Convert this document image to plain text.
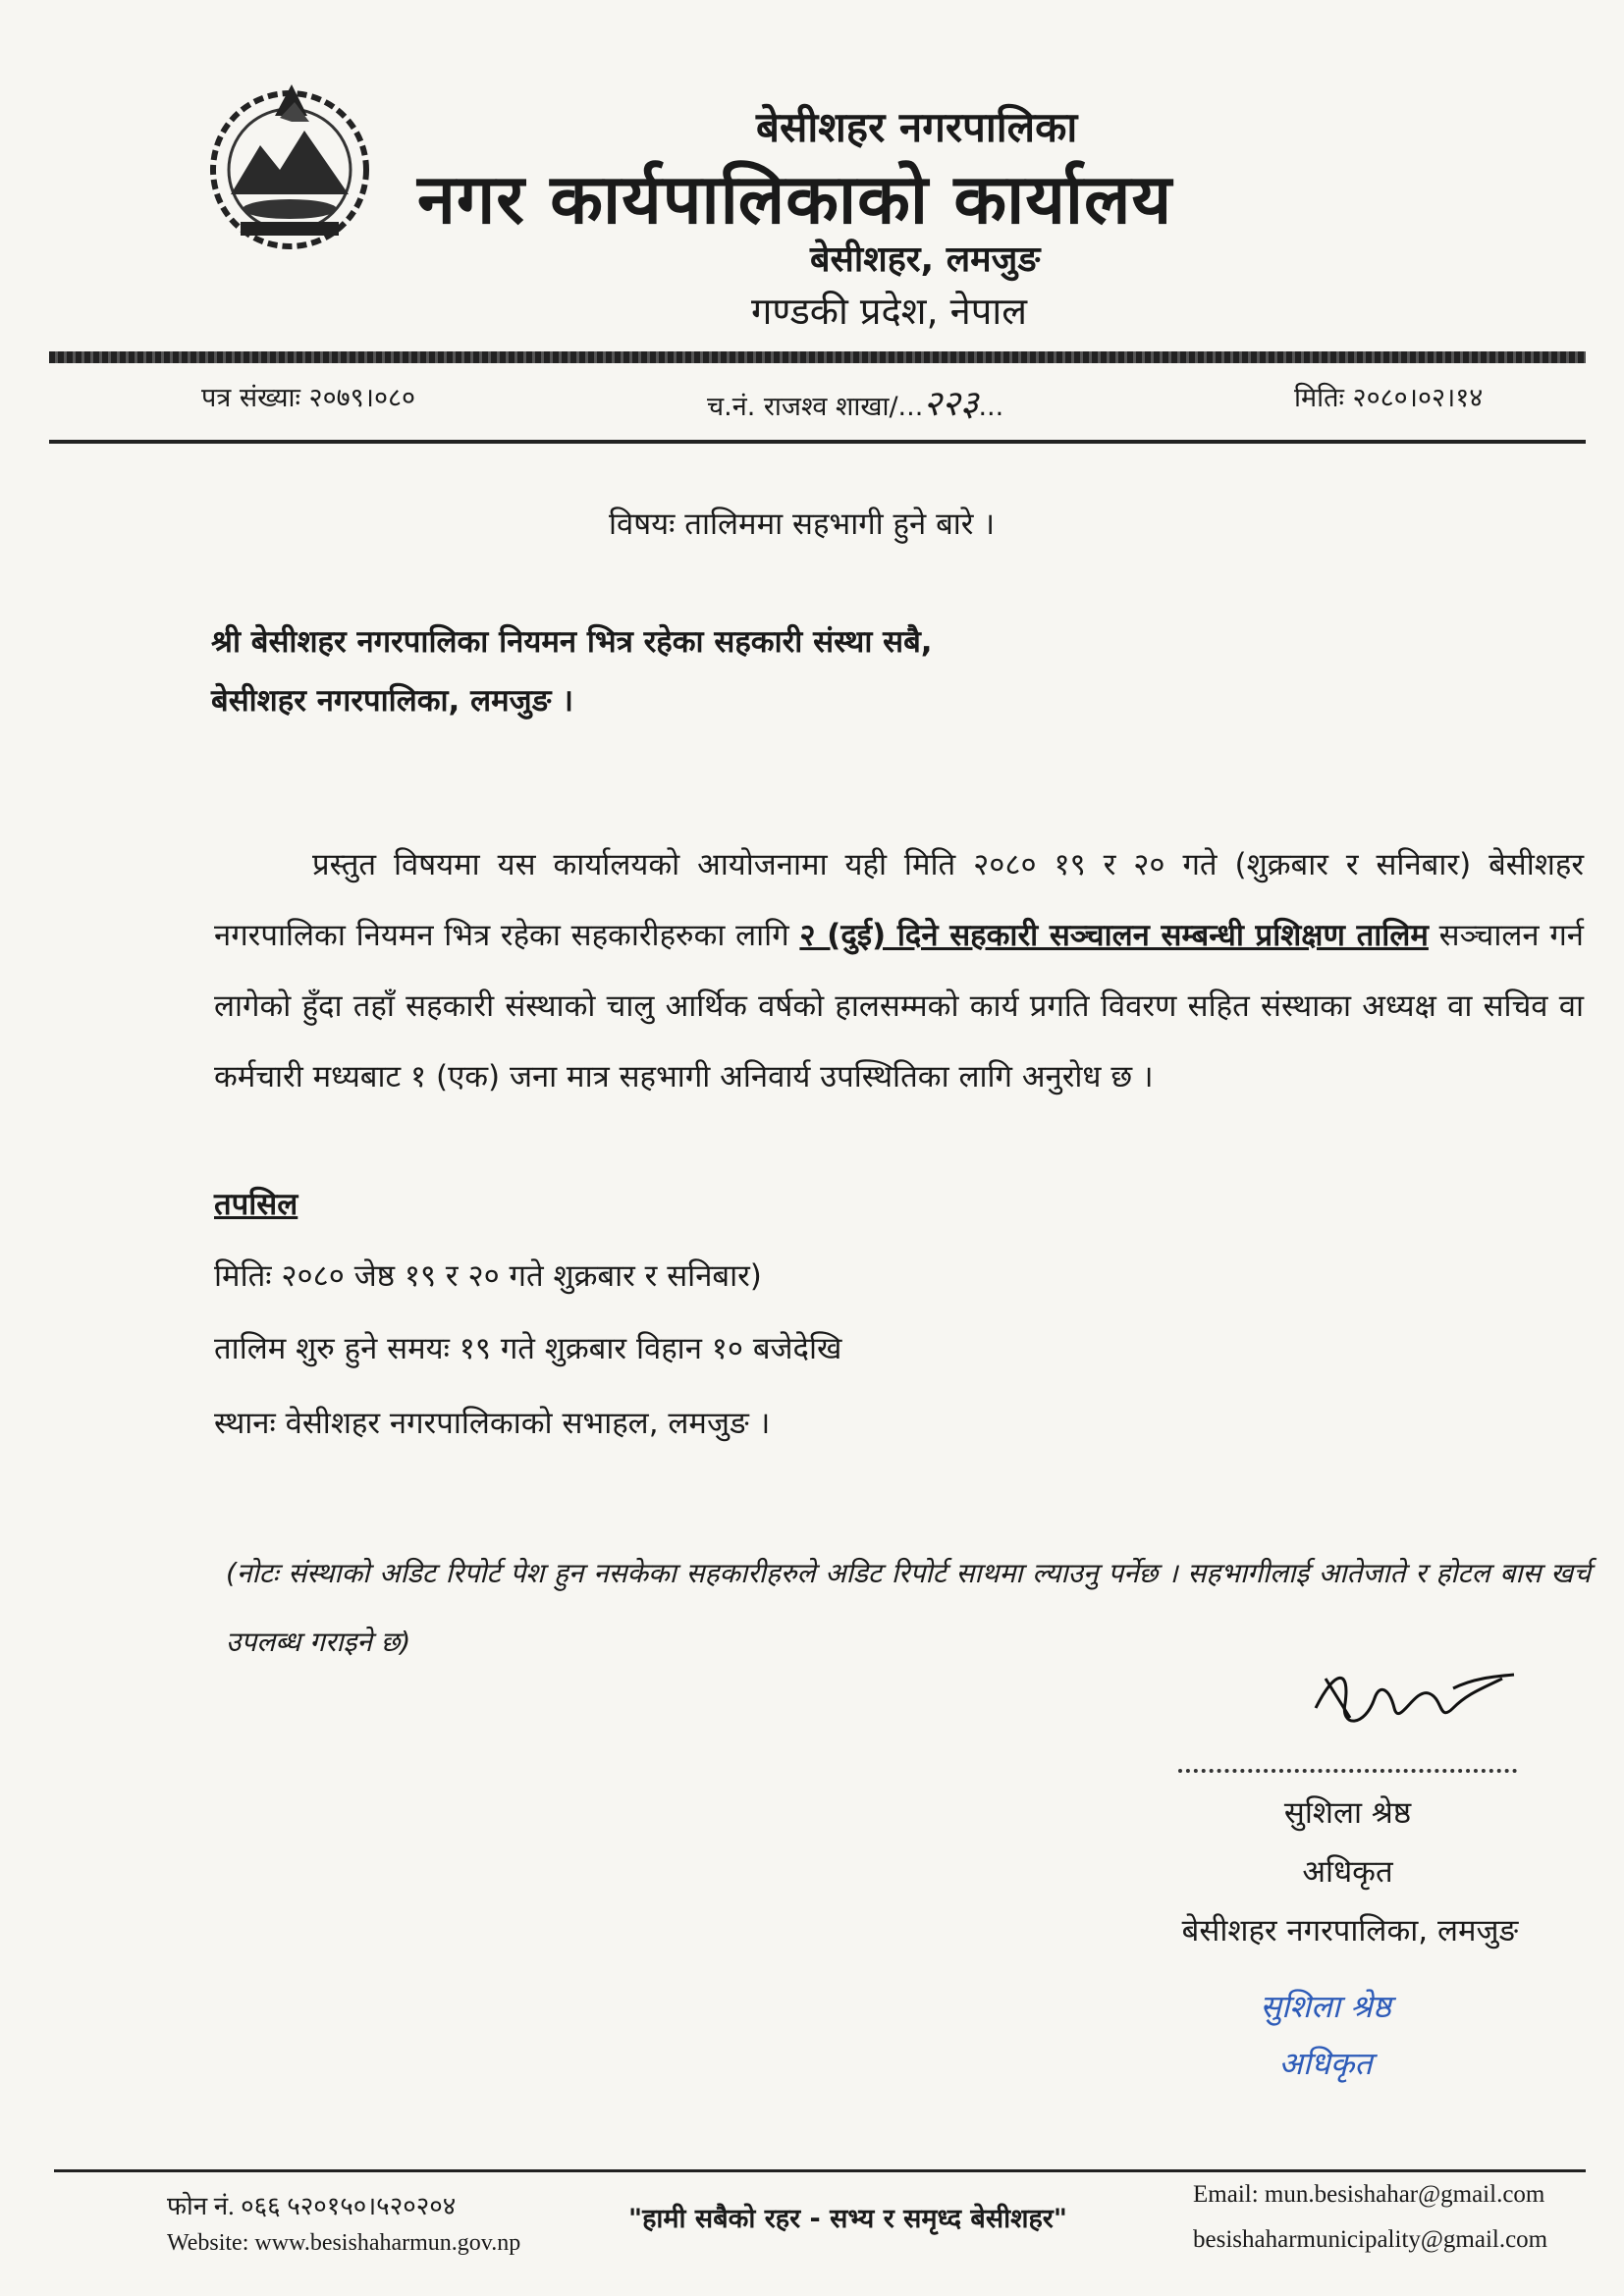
बेसीशहर नगरपालिका
नगर कार्यपालिकाको कार्यालय
बेसीशहर, लमजुङ
गण्डकी प्रदेश, नेपाल
पत्र संख्याः २०७९।०८०	च.नं. राजश्व शाखा/...२२३...	मितिः २०८०।०२।१४
विषयः तालिममा सहभागी हुने बारे ।
श्री बेसीशहर नगरपालिका नियमन भित्र रहेका सहकारी संस्था सबै,
बेसीशहर नगरपालिका, लमजुङ ।

प्रस्तुत विषयमा यस कार्यालयको आयोजनामा यही मिति २०८० १९ र २० गते (शुक्रबार र सनिबार) बेसीशहर नगरपालिका नियमन भित्र रहेका सहकारीहरुका लागि २ (दुई) दिने सहकारी सञ्चालन सम्बन्धी प्रशिक्षण तालिम सञ्चालन गर्न लागेको हुँदा तहाँ सहकारी संस्थाको चालु आर्थिक वर्षको हालसम्मको कार्य प्रगति विवरण सहित संस्थाका अध्यक्ष वा सचिव वा कर्मचारी मध्यबाट १ (एक) जना मात्र सहभागी अनिवार्य उपस्थितिका लागि अनुरोध छ ।

तपसिल
मितिः २०८० जेष्ठ १९ र २० गते शुक्रबार र सनिबार)
तालिम शुरु हुने समयः १९ गते शुक्रबार विहान १० बजेदेखि
स्थानः वेसीशहर नगरपालिकाको सभाहल, लमजुङ ।
(नोटः संस्थाको अडिट रिपोर्ट पेश हुन नसकेका सहकारीहरुले अडिट रिपोर्ट साथमा ल्याउनु पर्नेछ । सहभागीलाई आतेजाते र होटल बास खर्च उपलब्ध गराइने छ)
सुशिला श्रेष्ठ
अधिकृत
बेसीशहर नगरपालिका, लमजुङ
सुशिला श्रेष्ठ
अधिकृत
फोन नं. ०६६ ५२०१५०।५२०२०४
Website: www.besishaharmun.gov.np
"हामी सबैको रहर - सभ्य र समृध्द बेसीशहर"
Email: mun.besishahar@gmail.com
besishaharmunicipality@gmail.com
